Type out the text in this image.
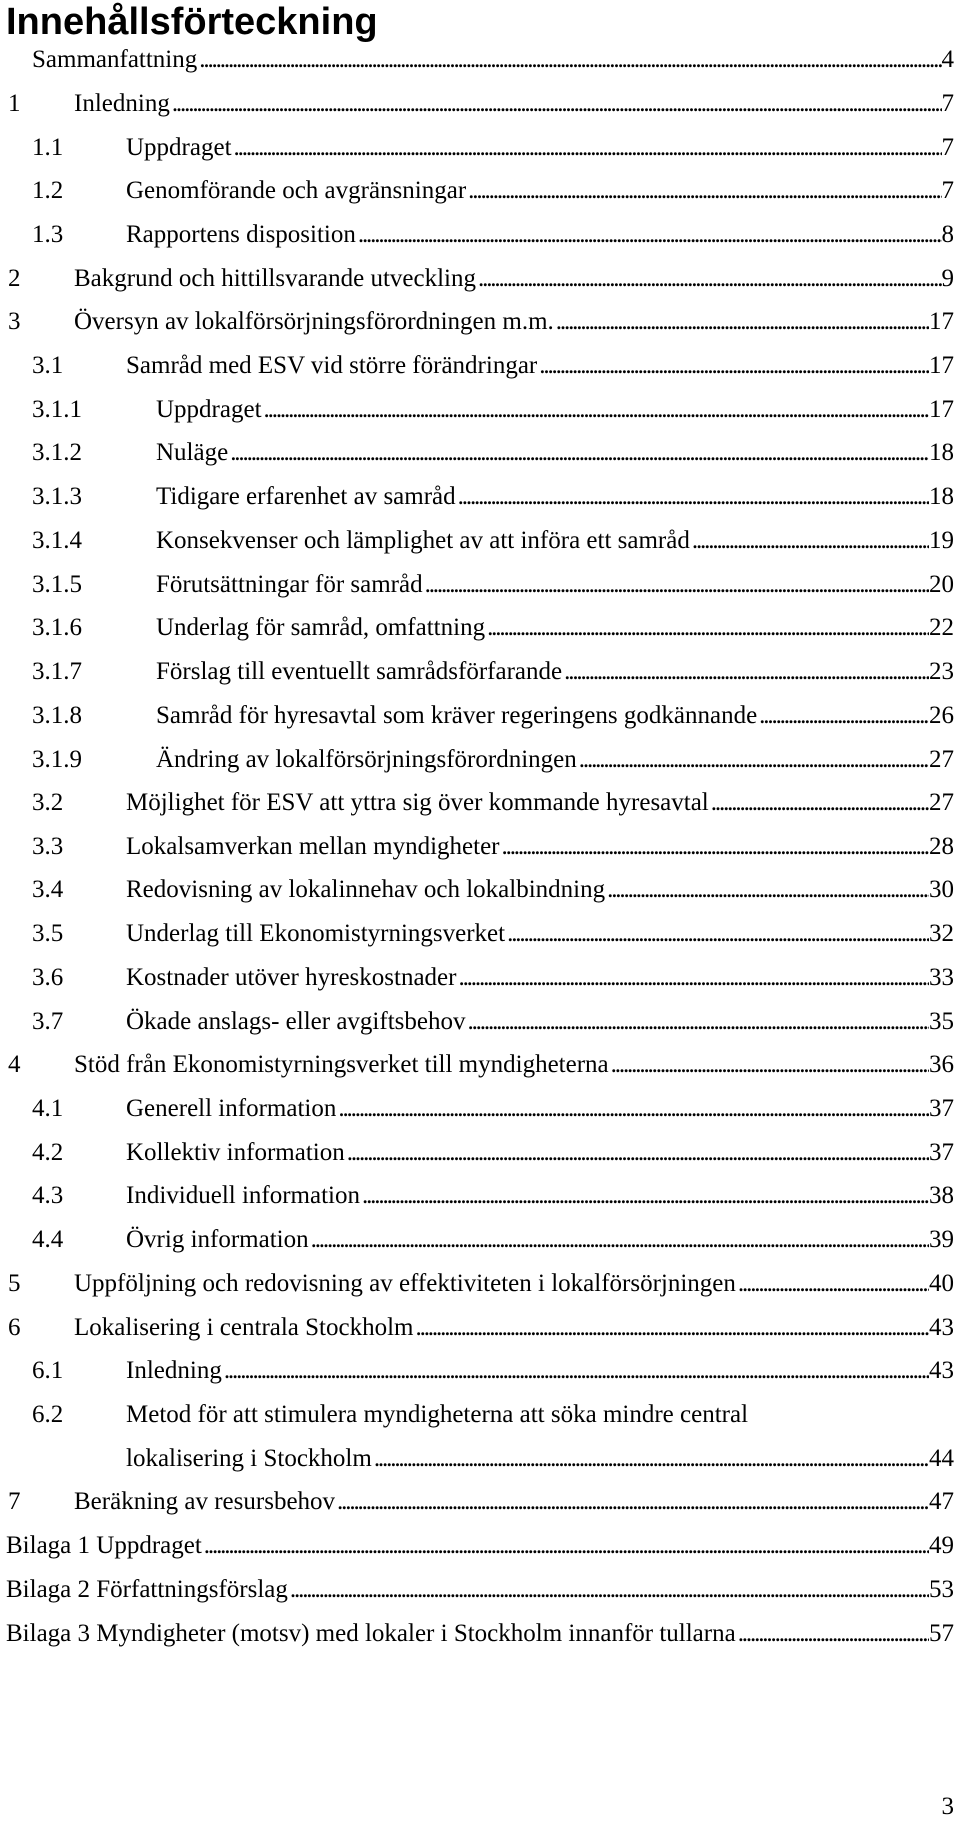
Innehållsförteckning
Sammanfattning . . .	4
1 Inledning . . .	7
1.1	Uppdraget . . .	7
1.2	Genomförande och avgränsningar . . .	7
1.3	Rapportens disposition . . .	8
2 Bakgrund och hittillsvarande utveckling . . .	9
3 Översyn av lokalförsörjningsförordningen m.m. . . .	17
3.1	Samråd med ESV vid större förändringar . . .	17
3.1.1	Uppdraget . . .	17
3.1.2	Nuläge . . .	18
3.1.3	Tidigare erfarenhet av samråd . . .	18
3.1.4	Konsekvenser och lämplighet av att införa ett samråd . . .	19
3.1.5	Förutsättningar för samråd . . .	20
3.1.6	Underlag för samråd, omfattning . . .	22
3.1.7	Förslag till eventuellt samrådsförfarande . . .	23
3.1.8	Samråd för hyresavtal som kräver regeringens godkännande . . .	26
3.1.9	Ändring av lokalförsörjningsförordningen . . .	27
3.2	Möjlighet för ESV att yttra sig över kommande hyresavtal . . .	27
3.3	Lokalsamverkan mellan myndigheter . . .	28
3.4	Redovisning av lokalinnehav och lokalbindning . . .	30
3.5	Underlag till Ekonomistyrningsverket . . .	32
3.6	Kostnader utöver hyreskostnader . . .	33
3.7	Ökade anslags- eller avgiftsbehov . . .	35
4 Stöd från Ekonomistyrningsverket till myndigheterna . . .	36
4.1	Generell information . . .	37
4.2	Kollektiv information . . .	37
4.3	Individuell information . . .	38
4.4	Övrig information . . .	39
5 Uppföljning och redovisning av effektiviteten i lokalförsörjningen . . .	40
6 Lokalisering i centrala Stockholm . . .	43
6.1	Inledning . . .	43
6.2	Metod för att stimulera myndigheterna att söka mindre central
lokalisering i Stockholm . . .	44
7 Beräkning av resursbehov . . .	47
Bilaga 1 Uppdraget . . .	49
Bilaga 2 Författningsförslag . . .	53
Bilaga 3 Myndigheter (motsv) med lokaler i Stockholm innanför tullarna . . .	57
3
